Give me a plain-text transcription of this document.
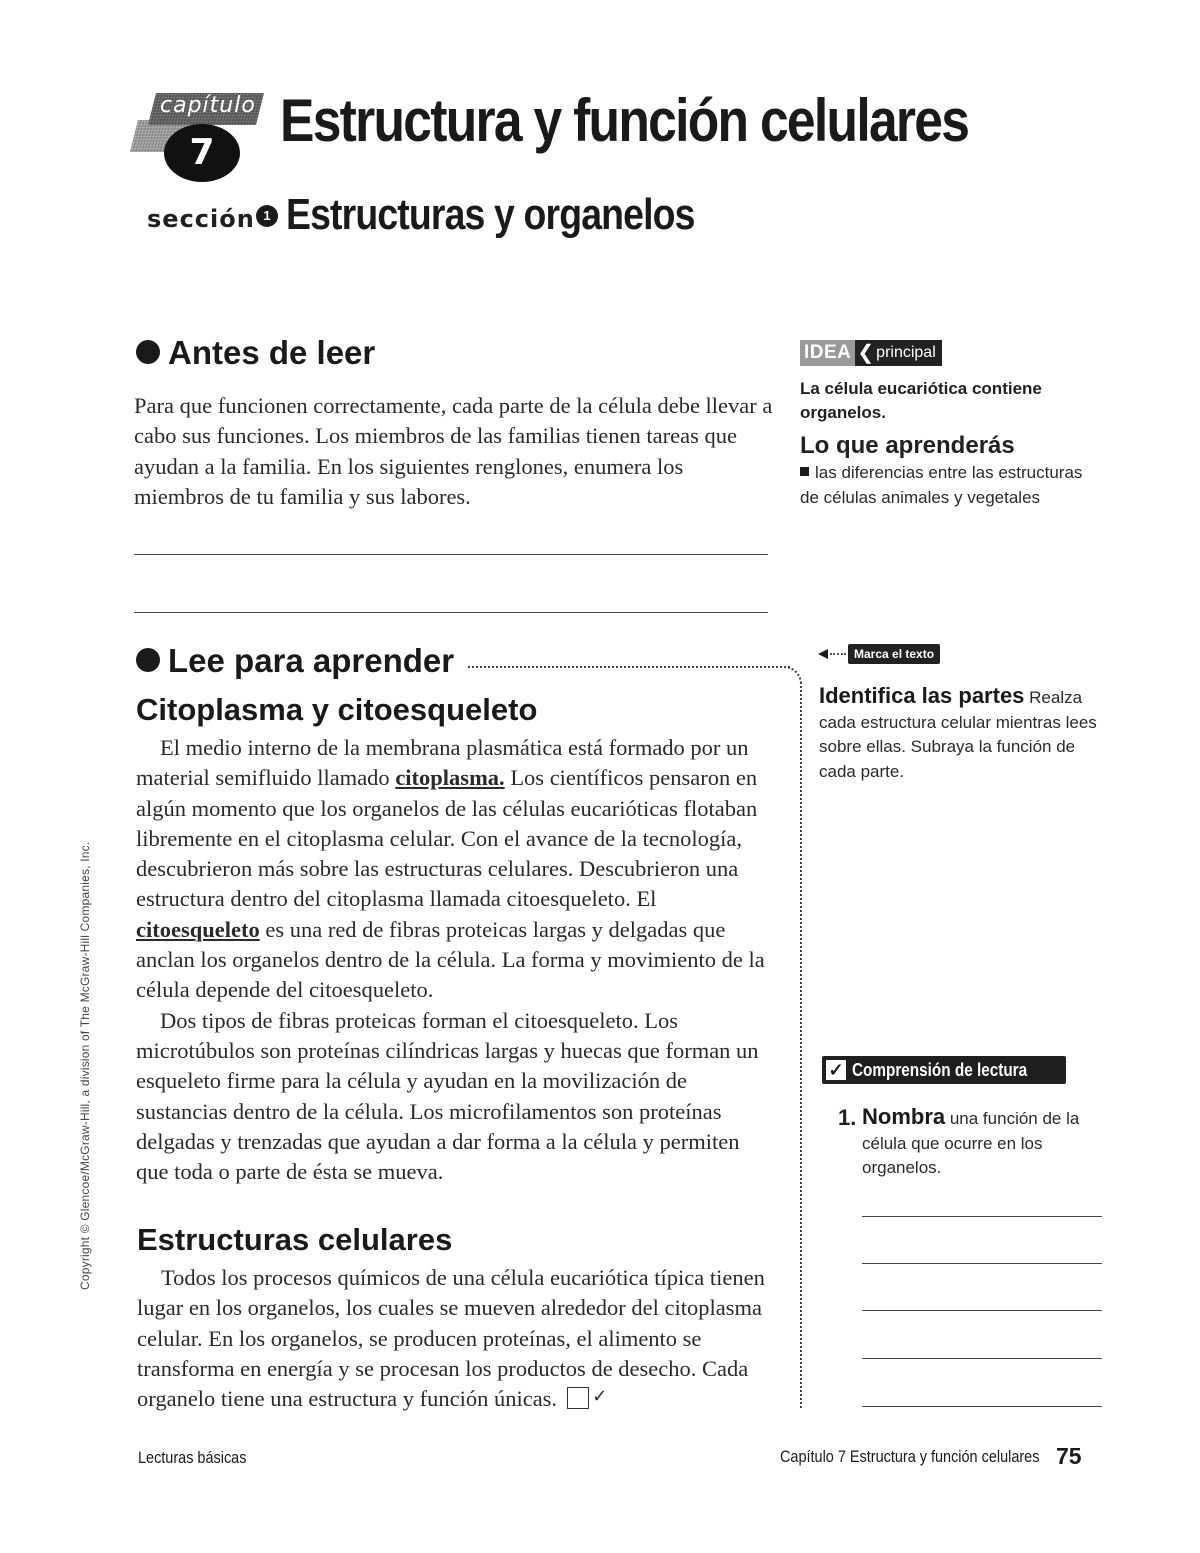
capítulo
7	Estructura y función celulares
sección 1 Estructuras y organelos
Antes de leer

Para que funcionen correctamente, cada parte de la célula debe llevar a cabo sus funciones. Los miembros de las familias tienen tareas que ayudan a la familia. En los siguientes renglones, enumera los miembros de tu familia y sus labores.

Lee para aprender
Citoplasma y citoesqueleto

El medio interno de la membrana plasmática está formado por un material semifluido llamado citoplasma. Los científicos pensaron en algún momento que los organelos de las células eucarióticas flotaban libremente en el citoplasma celular. Con el avance de la tecnología, descubrieron más sobre las estructuras celulares. Descubrieron una estructura dentro del citoplasma llamada citoesqueleto. El citoesqueleto es una red de fibras proteicas largas y delgadas que anclan los organelos dentro de la célula. La forma y movimiento de la célula depende del citoesqueleto.

Dos tipos de fibras proteicas forman el citoesqueleto. Los microtúbulos son proteínas cilíndricas largas y huecas que forman un esqueleto firme para la célula y ayudan en la movilización de sustancias dentro de la célula. Los microfilamentos son proteínas delgadas y trenzadas que ayudan a dar forma a la célula y permiten que toda o parte de ésta se mueva.

Estructuras celulares

Todos los procesos químicos de una célula eucariótica típica tienen lugar en los organelos, los cuales se mueven alrededor del citoplasma celular. En los organelos, se producen proteínas, el alimento se transforma en energía y se procesan los productos de desecho. Cada organelo tiene una estructura y función únicas. ✓

IDEA ❮ principal
La célula eucariótica contiene organelos.
Lo que aprenderás
las diferencias entre las estructuras de células animales y vegetales
Marca el texto
Identifica las partes Realza cada estructura celular mientras lees sobre ellas. Subraya la función de cada parte.
✓ Comprensión de lectura
1. Nombra una función de la célula que ocurre en los organelos.
Lecturas básicas	Capítulo 7 Estructura y función celulares 75
Copyright © Glencoe/McGraw-Hill, a division of The McGraw-Hill Companies, Inc.
